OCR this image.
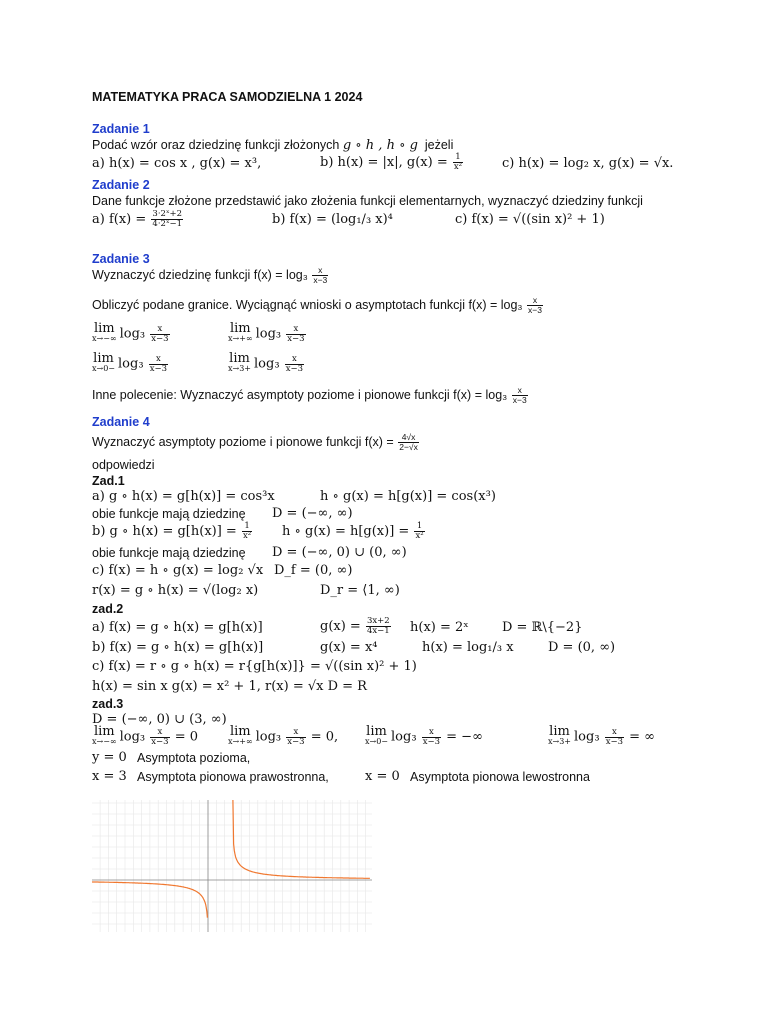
MATEMATYKA PRACA SAMODZIELNA 1 2024
Zadanie 1
Podać wzór oraz dziedzinę funkcji złożonych g ∘ h , h ∘ g jeżeli
a) h(x) = cos x , g(x) = x³,	b) h(x) = |x|, $g(x) = \frac{1}{\text{x²}}$	c) h(x) = log₂ x, g(x) = √x.
Zadanie 2
Dane funkcje złożone przedstawić jako złożenia funkcji elementarnych, wyznaczyć dziedziny funkcji
a) $f(x) = \frac{\text{3·2ˣ+2}}{\text{4·2ˣ−1}}$	b) f(x) = (log₁/₃ x)⁴	c) f(x) = √((sin x)² + 1)
Zadanie 3
Wyznaczyć dziedzinę funkcji $f(x) = \log_3 \frac{x}{x-3}$
Obliczyć podane granice. Wyciągnąć wnioski o asymptotach funkcji $f(x) = \log_3 \frac{x}{x-3}$
lim
x→−∞ $\log_3 \frac{x}{x-3}$	lim
x→+∞ $\log_3 \frac{x}{x-3}$
lim
$x\to 0- \log_3 \frac{x}{x-3}$	lim
$x\to 3+ \log_3 \frac{x}{x-3}$
Inne polecenie: Wyznaczyć asymptoty poziome i pionowe funkcji $f(x) = \log_3 \frac{x}{x-3}$
Zadanie 4
Wyznaczyć asymptoty poziome i pionowe funkcji $f(x) = \frac{4√x}{2-√x}$
odpowiedzi
Zad.1
a) g ∘ h(x) = g[h(x)] = cos³x	h ∘ g(x) = h[g(x)] = cos(x³)
obie funkcje mają dziedzinę D = (−∞, ∞)
b) g ∘ $h(x) = g[h(x)] = \frac{1}{\text{x²}}$ h ∘ $g(x) = h[g(x)] = \frac{1}{\text{x²}}$
obie funkcje mają dziedzinę D = (−∞, 0) ∪ (0, ∞)
c) f(x) = h ∘ g(x) = log₂ √x D_f = (0, ∞)
r(x) = g ∘ h(x) = √(log₂ x)	D_r = ⟨1, ∞)
zad.2
a) f(x) = g ∘ h(x) = g[h(x)]	$g(x) = \frac{3x+2}{4x-1} h(x)$ = 2ˣ	D = ℝ\{−2}
b) f(x) = g ∘ h(x) = g[h(x)]	g(x) = x⁴	h(x) = log₁/₃ x	D = (0, ∞)
c) f(x) = r ∘ g ∘ h(x) = r{g[h(x)]} = √((sin x)² + 1)
h(x) = sin x g(x) = x² + 1, r(x) = √x D = R
zad.3
D = (−∞, 0) ∪ (3, ∞)
lim
x→−∞ $\log_3 \frac{x}{x-3} = 0$ lim
x→+∞ $\log_3 \frac{x}{x-3} = 0$, lim
$x\to 0- \log_3 \frac{x}{x-3}$ = −∞	lim
$x\to 3+ \log_3 \frac{x}{x-3}$ = ∞
y = 0 Asymptota pozioma,
x = 3 Asymptota pionowa prawostronna,	x = 0 Asymptota pionowa lewostronna
